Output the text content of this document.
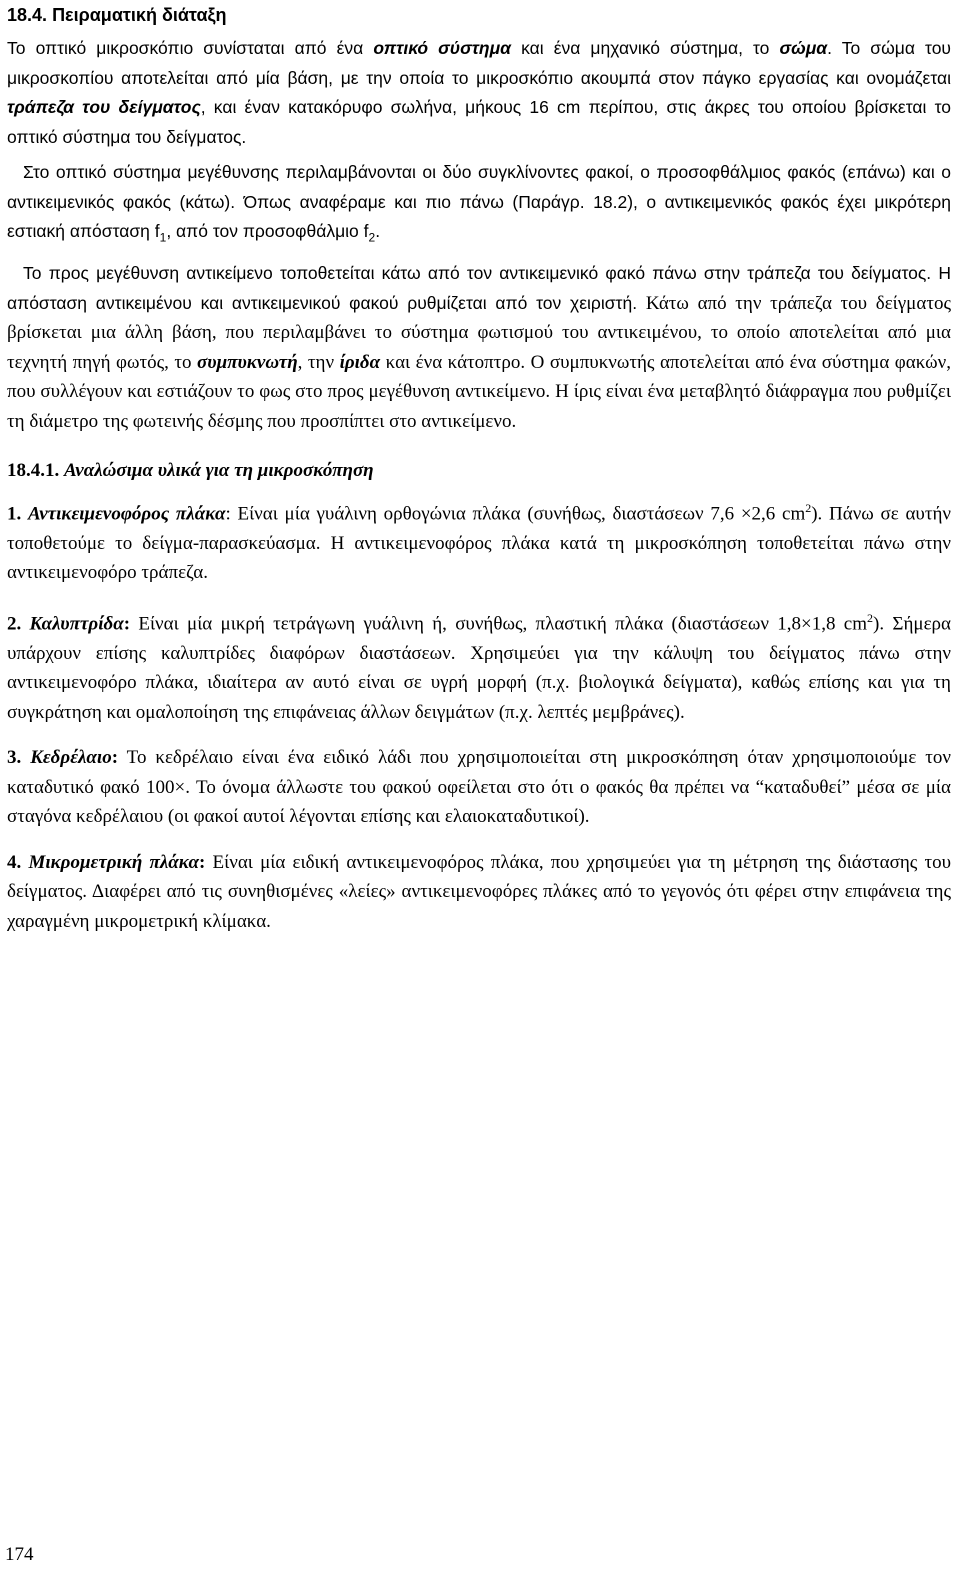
18.4. Πειραματική διάταξη

Το οπτικό μικροσκόπιο συνίσταται από ένα οπτικό σύστημα και ένα μηχανικό σύστημα, το σώμα. Το σώμα του μικροσκοπίου αποτελείται από μία βάση, με την οποία το μικροσκόπιο ακουμπά στον πάγκο εργασίας και ονομάζεται τράπεζα του δείγματος, και έναν κατακόρυφο σωλήνα, μήκους 16 cm περίπου, στις άκρες του οποίου βρίσκεται το οπτικό σύστημα του δείγματος.

Στο οπτικό σύστημα μεγέθυνσης περιλαμβάνονται οι δύο συγκλίνοντες φακοί, ο προσοφθάλμιος φακός (επάνω) και ο αντικειμενικός φακός (κάτω). Όπως αναφέραμε και πιο πάνω (Παράγρ. 18.2), ο αντικειμενικός φακός έχει μικρότερη εστιακή απόσταση $f_1$, από τον προσοφθάλμιο $f_2$.

Το προς μεγέθυνση αντικείμενο τοποθετείται κάτω από τον αντικειμενικό φακό πάνω στην τράπεζα του δείγματος. Η απόσταση αντικειμένου και αντικειμενικού φακού ρυθμίζεται από τον χειριστή. Κάτω από την τράπεζα του δείγματος βρίσκεται μια άλλη βάση, που περιλαμβάνει το σύστημα φωτισμού του αντικειμένου, το οποίο αποτελείται από μια τεχνητή πηγή φωτός, το συμπυκνωτή, την ίριδα και ένα κάτοπτρο. Ο συμπυκνωτής αποτελείται από ένα σύστημα φακών, που συλλέγουν και εστιάζουν το φως στο προς μεγέθυνση αντικείμενο. Η ίρις είναι ένα μεταβλητό διάφραγμα που ρυθμίζει τη διάμετρο της φωτεινής δέσμης που προσπίπτει στο αντικείμενο.

18.4.1. Αναλώσιμα υλικά για τη μικροσκόπηση

1. Αντικειμενοφόρος πλάκα: Είναι μία γυάλινη ορθογώνια πλάκα (συνήθως, διαστάσεων 7,6 ×2,6 $cm^2$). Πάνω σε αυτήν τοποθετούμε το δείγμα-παρασκεύασμα. Η αντικειμενοφόρος πλάκα κατά τη μικροσκόπηση τοποθετείται πάνω στην αντικειμενοφόρο τράπεζα.

2. Καλυπτρίδα: Είναι μία μικρή τετράγωνη γυάλινη ή, συνήθως, πλαστική πλάκα (διαστάσεων 1,8×1,8 $cm^2$). Σήμερα υπάρχουν επίσης καλυπτρίδες διαφόρων διαστάσεων. Χρησιμεύει για την κάλυψη του δείγματος πάνω στην αντικειμενοφόρο πλάκα, ιδιαίτερα αν αυτό είναι σε υγρή μορφή (π.χ. βιολογικά δείγματα), καθώς επίσης και για τη συγκράτηση και ομαλοποίηση της επιφάνειας άλλων δειγμάτων (π.χ. λεπτές μεμβράνες).

3. Κεδρέλαιο: Το κεδρέλαιο είναι ένα ειδικό λάδι που χρησιμοποιείται στη μικροσκόπηση όταν χρησιμοποιούμε τον καταδυτικό φακό 100×. Το όνομα άλλωστε του φακού οφείλεται στο ότι ο φακός θα πρέπει να “καταδυθεί” μέσα σε μία σταγόνα κεδρέλαιου (οι φακοί αυτοί λέγονται επίσης και ελαιοκαταδυτικοί).

4. Μικρομετρική πλάκα: Είναι μία ειδική αντικειμενοφόρος πλάκα, που χρησιμεύει για τη μέτρηση της διάστασης του δείγματος. Διαφέρει από τις συνηθισμένες «λείες» αντικειμενοφόρες πλάκες από το γεγονός ότι φέρει στην επιφάνεια της χαραγμένη μικρομετρική κλίμακα.

174
